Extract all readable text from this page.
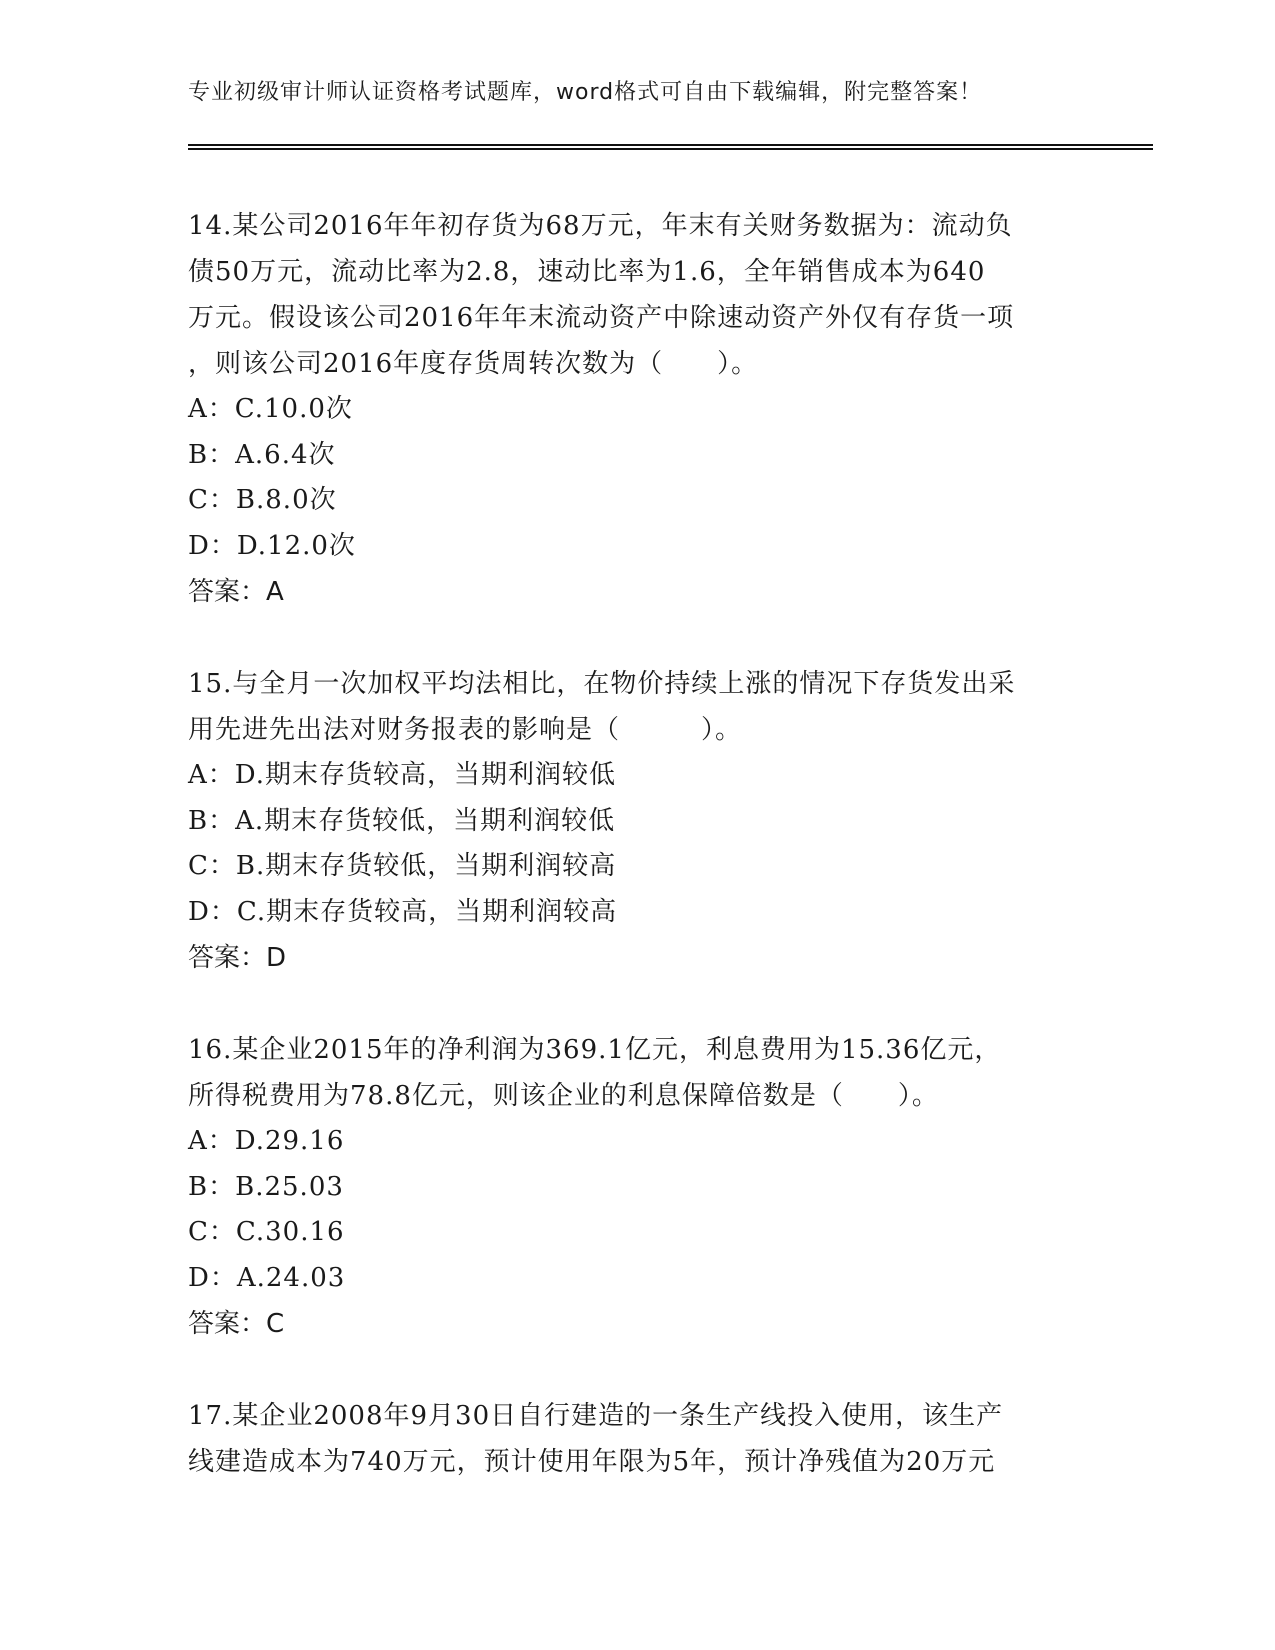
专业初级审计师认证资格考试题库，word格式可自由下载编辑，附完整答案！
14.某公司2016年年初存货为68万元，年末有关财务数据为：流动负
债50万元，流动比率为2.8，速动比率为1.6，全年销售成本为640
万元。假设该公司2016年年末流动资产中除速动资产外仅有存货一项
，则该公司2016年度存货周转次数为（　　）。
A：C.10.0次
B：A.6.4次
C：B.8.0次
D：D.12.0次
答案：A
15.与全月一次加权平均法相比，在物价持续上涨的情况下存货发出采
用先进先出法对财务报表的影响是（　　　）。
A：D.期末存货较高，当期利润较低
B：A.期末存货较低，当期利润较低
C：B.期末存货较低，当期利润较高
D：C.期末存货较高，当期利润较高
答案：D
16.某企业2015年的净利润为369.1亿元，利息费用为15.36亿元，
所得税费用为78.8亿元，则该企业的利息保障倍数是（　　）。
A：D.29.16
B：B.25.03
C：C.30.16
D：A.24.03
答案：C
17.某企业2008年9月30日自行建造的一条生产线投入使用，该生产
线建造成本为740万元，预计使用年限为5年，预计净残值为20万元
